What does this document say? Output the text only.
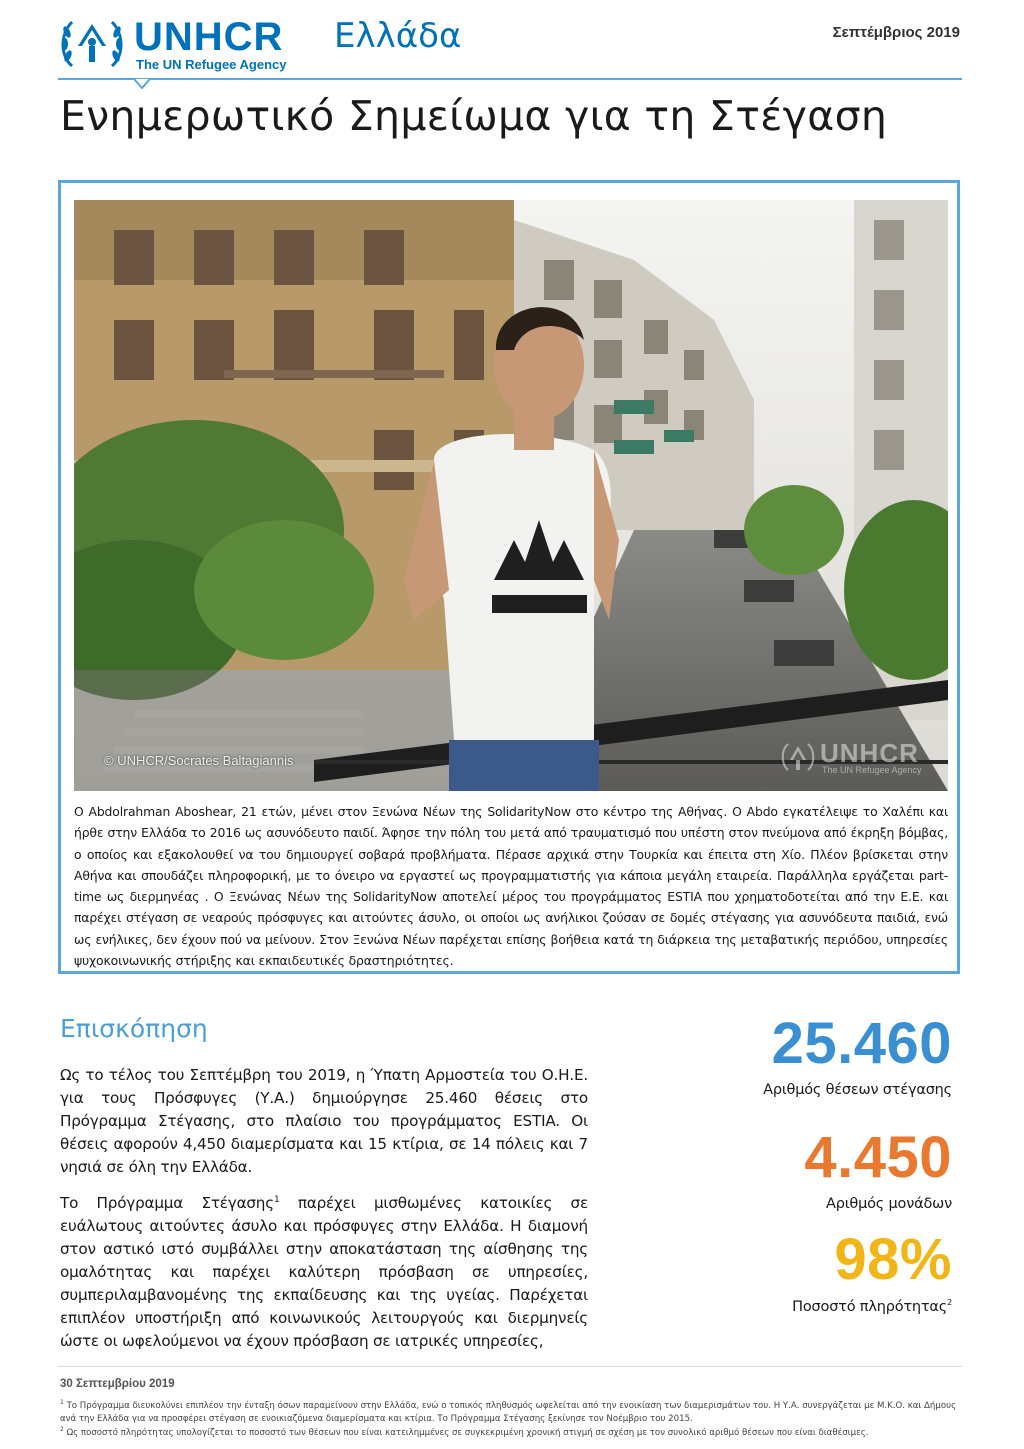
UNHCR
The UN Refugee Agency
Ελλάδα	Σεπτέμβριος 2019
Ενημερωτικό Σημείωμα για τη Στέγαση
© UNHCR/Socrates Baltagiannis	UNHCR
The UN Refugee Agency
Ο Abdolrahman Aboshear, 21 ετών, μένει στον Ξενώνα Νέων της SolidarityNow στο κέντρο της Αθήνας. Ο Abdo εγκατέλειψε το Χαλέπι και ήρθε στην Ελλάδα το 2016 ως ασυνόδευτο παιδί. Άφησε την πόλη του μετά από τραυματισμό που υπέστη στον πνεύμονα από έκρηξη βόμβας, ο οποίος και εξακολουθεί να του δημιουργεί σοβαρά προβλήματα. Πέρασε αρχικά στην Τουρκία και έπειτα στη Χίο. Πλέον βρίσκεται στην Αθήνα και σπουδάζει πληροφορική, με το όνειρο να εργαστεί ως προγραμματιστής για κάποια μεγάλη εταιρεία. Παράλληλα εργάζεται part-time ως διερμηνέας . Ο Ξενώνας Νέων της SolidarityNow αποτελεί μέρος του προγράμματος ESTIA που χρηματοδοτείται από την Ε.Ε. και παρέχει στέγαση σε νεαρούς πρόσφυγες και αιτούντες άσυλο, οι οποίοι ως ανήλικοι ζούσαν σε δομές στέγασης για ασυνόδευτα παιδιά, ενώ ως ενήλικες, δεν έχουν πού να μείνουν. Στον Ξενώνα Νέων παρέχεται επίσης βοήθεια κατά τη διάρκεια της μεταβατικής περιόδου, υπηρεσίες ψυχοκοινωνικής στήριξης και εκπαιδευτικές δραστηριότητες.
Επισκόπηση
Ως το τέλος του Σεπτέμβρη του 2019, η Ύπατη Αρμοστεία του Ο.Η.Ε. για τους Πρόσφυγες (Υ.Α.) δημιούργησε 25.460 θέσεις στο Πρόγραμμα Στέγασης, στο πλαίσιο του προγράμματος ESTIA. Οι θέσεις αφορούν 4,450 διαμερίσματα και 15 κτίρια, σε 14 πόλεις και 7 νησιά σε όλη την Ελλάδα.
Το Πρόγραμμα Στέγασης$^1$ παρέχει μισθωμένες κατοικίες σε ευάλωτους αιτούντες άσυλο και πρόσφυγες στην Ελλάδα. Η διαμονή στον αστικό ιστό συμβάλλει στην αποκατάσταση της αίσθησης της ομαλότητας και παρέχει καλύτερη πρόσβαση σε υπηρεσίες, συμπεριλαμβανομένης της εκπαίδευσης και της υγείας. Παρέχεται επιπλέον υποστήριξη από κοινωνικούς λειτουργούς και διερμηνείς ώστε οι ωφελούμενοι να έχουν πρόσβαση σε ιατρικές υπηρεσίες,
25.460
Αριθμός θέσεων στέγασης
4.450
Αριθμός μονάδων
98%
Ποσοστό πληρότητας$^2$
30 Σεπτεμβρίου 2019
$^1$ Το Πρόγραμμα διευκολύνει επιπλέον την ένταξη όσων παραμείνουν στην Ελλάδα, ενώ ο τοπικός πληθυσμός ωφελείται από την ενοικίαση των διαμερισμάτων του. Η Υ.Α. συνεργάζεται με Μ.Κ.Ο. και Δήμους ανά την Ελλάδα για να προσφέρει στέγαση σε ενοικιαζόμενα διαμερίσματα και κτίρια. Το Πρόγραμμα Στέγασης ξεκίνησε τον Νοέμβριο του 2015.
$^2$ Ως ποσοστό πληρότητας υπολογίζεται το ποσοστό των θέσεων που είναι κατειλημμένες σε συγκεκριμένη χρονική στιγμή σε σχέση με τον συνολικό αριθμό θέσεων που είναι διαθέσιμες.
